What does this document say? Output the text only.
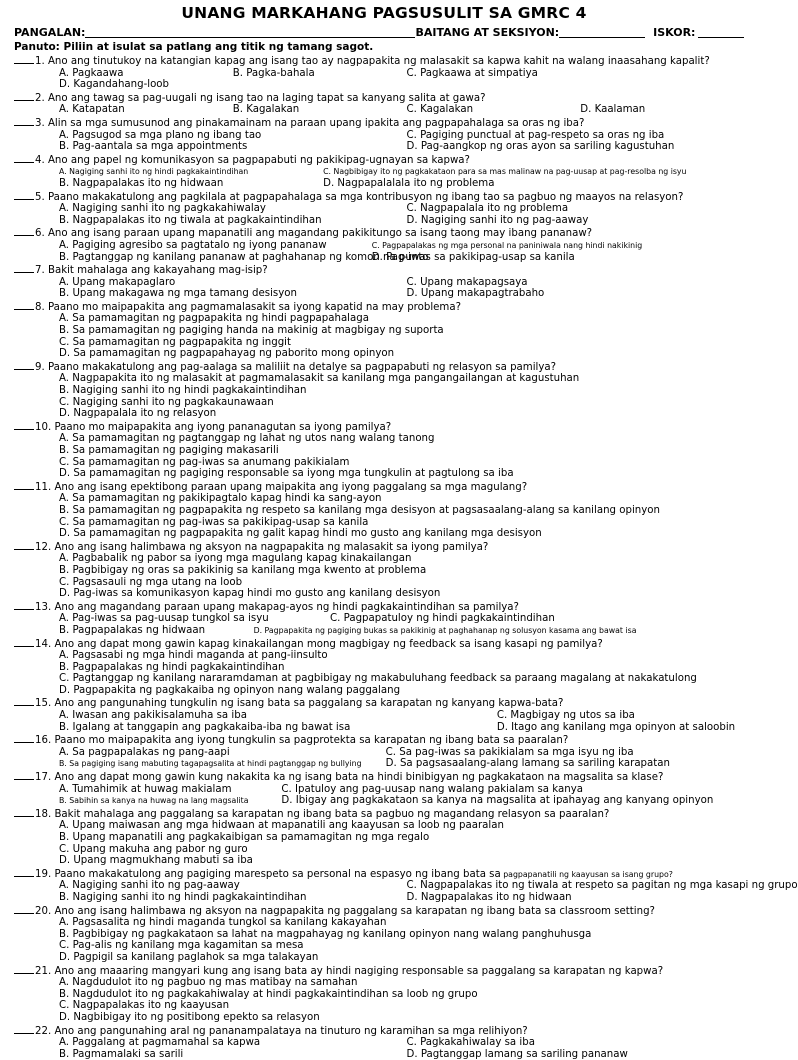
UNANG MARKAHANG PAGSUSULIT SA GMRC 4
PANGALAN:	BAITANG AT SEKSIYON:	ISKOR:
Panuto: Piliin at isulat sa patlang ang titik ng tamang sagot.
1. Ano ang tinutukoy na katangian kapag ang isang tao ay nagpapakita ng malasakit sa kapwa kahit na walang inaasahang kapalit?
A. Pagkaawa	B. Pagka-bahala	C. Pagkaawa at simpatiya
D. Kagandahang-loob
2. Ano ang tawag sa pag-uugali ng isang tao na laging tapat sa kanyang salita at gawa?
A. Katapatan	B. Kagalakan	C. Kagalakan	D. Kaalaman
3. Alin sa mga sumusunod ang pinakamainam na paraan upang ipakita ang pagpapahalaga sa oras ng iba?
A. Pagsugod sa mga plano ng ibang tao	C. Pagiging punctual at pag-respeto sa oras ng iba
B. Pag-aantala sa mga appointments	D. Pag-aangkop ng oras ayon sa sariling kagustuhan
4. Ano ang papel ng komunikasyon sa pagpapabuti ng pakikipag-ugnayan sa kapwa?
A. Nagiging sanhi ito ng hindi pagkakaintindihan	C. Nagbibigay ito ng pagkakataon para sa mas malinaw na pag-uusap at pag-resolba ng isyu
B. Nagpapalakas ito ng hidwaan	D. Nagpapalalala ito ng problema
5. Paano makakatulong ang pagkilala at pagpapahalaga sa mga kontribusyon ng ibang tao sa pagbuo ng maayos na relasyon?
A. Nagiging sanhi ito ng pagkakahiwalay	C. Nagpapalala ito ng problema
B. Nagpapalakas ito ng tiwala at pagkakaintindihan	D. Nagiging sanhi ito ng pag-aaway
6. Ano ang isang paraan upang mapanatili ang magandang pakikitungo sa isang taong may ibang pananaw?
A. Pagiging agresibo sa pagtatalo ng iyong pananaw	C. Pagpapalakas ng mga personal na paniniwala nang hindi nakikinig
B. Pagtanggap ng kanilang pananaw at paghahanap ng komon na punto
D. Pag-iwas sa pakikipag-usap sa kanila
7. Bakit mahalaga ang kakayahang mag-isip?
A. Upang makapaglaro	C. Upang makapagsaya
B. Upang makagawa ng mga tamang desisyon	D. Upang makapagtrabaho
8. Paano mo maipapakita ang pagmamalasakit sa iyong kapatid na may problema?
A. Sa pamamagitan ng pagpapakita ng hindi pagpapahalaga
B. Sa pamamagitan ng pagiging handa na makinig at magbigay ng suporta
C. Sa pamamagitan ng pagpapakita ng inggit
D. Sa pamamagitan ng pagpapahayag ng paborito mong opinyon
9. Paano makakatulong ang pag-aalaga sa maliliit na detalye sa pagpapabuti ng relasyon sa pamilya?
A. Nagpapakita ito ng malasakit at pagmamalasakit sa kanilang mga pangangailangan at kagustuhan
B. Nagiging sanhi ito ng hindi pagkakaintindihan
C. Nagiging sanhi ito ng pagkakaunawaan
D. Nagpapalala ito ng relasyon
10. Paano mo maipapakita ang iyong pananagutan sa iyong pamilya?
A. Sa pamamagitan ng pagtanggap ng lahat ng utos nang walang tanong
B. Sa pamamagitan ng pagiging makasarili
C. Sa pamamagitan ng pag-iwas sa anumang pakikialam
D. Sa pamamagitan ng pagiging responsable sa iyong mga tungkulin at pagtulong sa iba
11. Ano ang isang epektibong paraan upang maipakita ang iyong paggalang sa mga magulang?
A. Sa pamamagitan ng pakikipagtalo kapag hindi ka sang-ayon
B. Sa pamamagitan ng pagpapakita ng respeto sa kanilang mga desisyon at pagsasaalang-alang sa kanilang opinyon
C. Sa pamamagitan ng pag-iwas sa pakikipag-usap sa kanila
D. Sa pamamagitan ng pagpapakita ng galit kapag hindi mo gusto ang kanilang mga desisyon
12. Ano ang isang halimbawa ng aksyon na nagpapakita ng malasakit sa iyong pamilya?
A. Pagbabalik ng pabor sa iyong mga magulang kapag kinakailangan
B. Pagbibigay ng oras sa pakikinig sa kanilang mga kwento at problema
C. Pagsasauli ng mga utang na loob
D. Pag-iwas sa komunikasyon kapag hindi mo gusto ang kanilang desisyon
13. Ano ang magandang paraan upang makapag-ayos ng hindi pagkakaintindihan sa pamilya?
A. Pag-iwas sa pag-uusap tungkol sa isyu	C. Pagpapatuloy ng hindi pagkakaintindihan
B. Pagpapalakas ng hidwaan	D. Pagpapakita ng pagiging bukas sa pakikinig at paghahanap ng solusyon kasama ang bawat isa
14. Ano ang dapat mong gawin kapag kinakailangan mong magbigay ng feedback sa isang kasapi ng pamilya?
A. Pagsasabi ng mga hindi maganda at pang-iinsulto
B. Pagpapalakas ng hindi pagkakaintindihan
C. Pagtanggap ng kanilang nararamdaman at pagbibigay ng makabuluhang feedback sa paraang magalang at nakakatulong
D. Pagpapakita ng pagkakaiba ng opinyon nang walang paggalang
15. Ano ang pangunahing tungkulin ng isang bata sa paggalang sa karapatan ng kanyang kapwa-bata?
A. Iwasan ang pakikisalamuha sa iba	C. Magbigay ng utos sa iba
B. Igalang at tanggapin ang pagkakaiba-iba ng bawat isa	D. Itago ang kanilang mga opinyon at saloobin
16. Paano mo maipapakita ang iyong tungkulin sa pagprotekta sa karapatan ng ibang bata sa paaralan?
A. Sa pagpapalakas ng pang-aapi	C. Sa pag-iwas sa pakikialam sa mga isyu ng iba
B. Sa pagiging isang mabuting tagapagsalita at hindi pagtanggap ng bullying	D. Sa pagsasaalang-alang lamang sa sariling karapatan
17. Ano ang dapat mong gawin kung nakakita ka ng isang bata na hindi binibigyan ng pagkakataon na magsalita sa klase?
A. Tumahimik at huwag makialam	C. Ipatuloy ang pag-uusap nang walang pakialam sa kanya
B. Sabihin sa kanya na huwag na lang magsalita	D. Ibigay ang pagkakataon sa kanya na magsalita at ipahayag ang kanyang opinyon
18. Bakit mahalaga ang paggalang sa karapatan ng ibang bata sa pagbuo ng magandang relasyon sa paaralan?
A. Upang maiwasan ang mga hidwaan at mapanatili ang kaayusan sa loob ng paaralan
B. Upang mapanatili ang pagkakaibigan sa pamamagitan ng mga regalo
C. Upang makuha ang pabor ng guro
D. Upang magmukhang mabuti sa iba
19. Paano makakatulong ang pagiging marespeto sa personal na espasyo ng ibang bata sa pagpapanatili ng kaayusan sa isang grupo?
A. Nagiging sanhi ito ng pag-aaway	C. Nagpapalakas ito ng tiwala at respeto sa pagitan ng mga kasapi ng grupo
B. Nagiging sanhi ito ng hindi pagkakaintindihan	D. Nagpapalakas ito ng hidwaan
20. Ano ang isang halimbawa ng aksyon na nagpapakita ng paggalang sa karapatan ng ibang bata sa classroom setting?
A. Pagsasalita ng hindi maganda tungkol sa kanilang kakayahan
B. Pagbibigay ng pagkakataon sa lahat na magpahayag ng kanilang opinyon nang walang panghuhusga
C. Pag-alis ng kanilang mga kagamitan sa mesa
D. Pagpigil sa kanilang paglahok sa mga talakayan
21. Ano ang maaaring mangyari kung ang isang bata ay hindi nagiging responsable sa paggalang sa karapatan ng kapwa?
A. Nagdudulot ito ng pagbuo ng mas matibay na samahan
B. Nagdudulot ito ng pagkakahiwalay at hindi pagkakaintindihan sa loob ng grupo
C. Nagpapalakas ito ng kaayusan
D. Nagbibigay ito ng positibong epekto sa relasyon
22. Ano ang pangunahing aral ng pananampalataya na tinuturo ng karamihan sa mga relihiyon?
A. Paggalang at pagmamahal sa kapwa	C. Pagkakahiwalay sa iba
B. Pagmamalaki sa sarili	D. Pagtanggap lamang sa sariling pananaw
